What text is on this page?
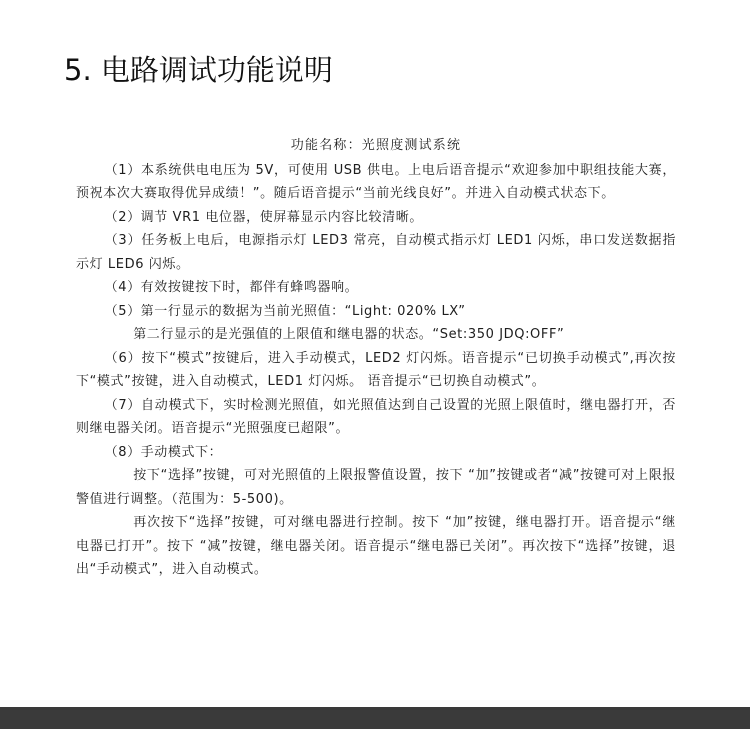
5. 电路调试功能说明

功能名称：光照度测试系统

（1）本系统供电电压为 5V，可使用 USB 供电。上电后语音提示“欢迎参加中职组技能大赛，预祝本次大赛取得优异成绩！”。随后语音提示“当前光线良好”。并进入自动模式状态下。

（2）调节 VR1 电位器，使屏幕显示内容比较清晰。

（3）任务板上电后，电源指示灯 LED3 常亮，自动模式指示灯 LED1 闪烁，串口发送数据指示灯 LED6 闪烁。

（4）有效按键按下时，都伴有蜂鸣器响。

（5）第一行显示的数据为当前光照值：“Light: 020% LX”

第二行显示的是光强值的上限值和继电器的状态。“Set:350 JDQ:OFF”

（6）按下“模式”按键后，进入手动模式，LED2 灯闪烁。语音提示“已切换手动模式”,再次按下“模式”按键，进入自动模式，LED1 灯闪烁。 语音提示“已切换自动模式”。

（7）自动模式下，实时检测光照值，如光照值达到自己设置的光照上限值时，继电器打开，否则继电器关闭。语音提示“光照强度已超限”。

（8）手动模式下：

按下“选择”按键，可对光照值的上限报警值设置，按下 “加”按键或者“减”按键可对上限报警值进行调整。（范围为：5-500)。

再次按下“选择”按键，可对继电器进行控制。按下 “加”按键，继电器打开。语音提示“继电器已打开”。按下 “减”按键，继电器关闭。语音提示“继电器已关闭”。再次按下“选择”按键，退出“手动模式”，进入自动模式。
